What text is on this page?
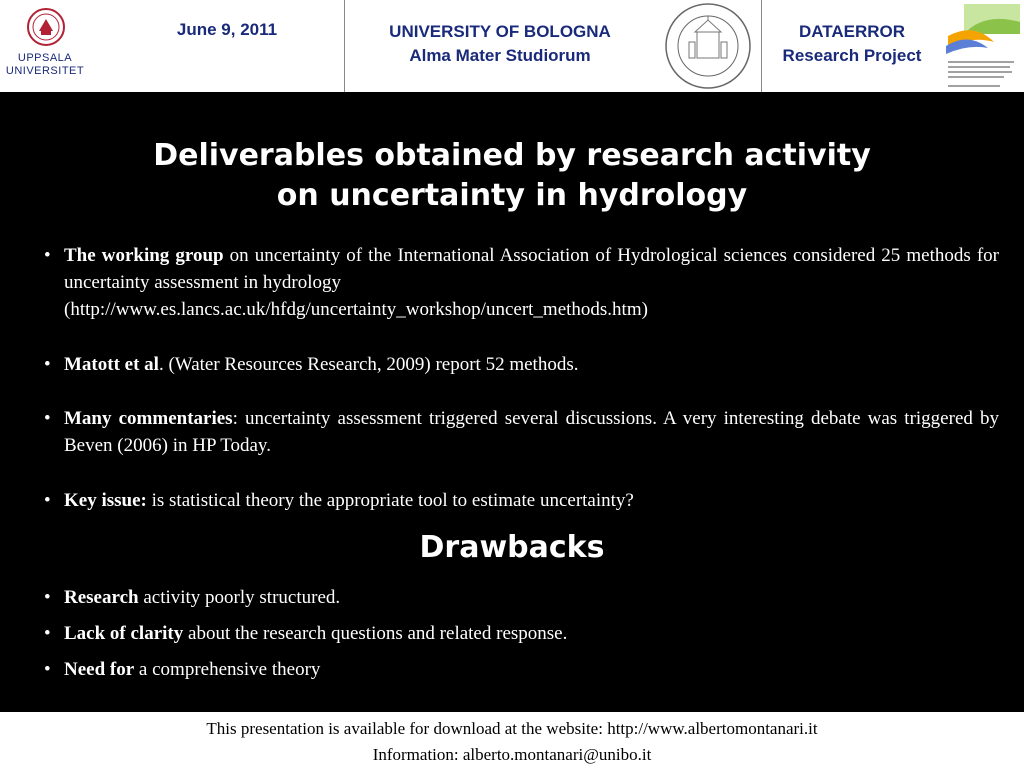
UPPSALA
UNIVERSITET
June 9, 2011	UNIVERSITY OF BOLOGNA
Alma Mater Studiorum
DATAERROR
Research Project
Deliverables obtained by research activity
on uncertainty in hydrology
• The working group on uncertainty of the International Association of Hydrological sciences considered 25 methods for uncertainty assessment in hydrology
(http://www.es.lancs.ac.uk/hfdg/uncertainty_workshop/uncert_methods.htm)
• Matott et al. (Water Resources Research, 2009) report 52 methods.
• Many commentaries: uncertainty assessment triggered several discussions. A very interesting debate was triggered by Beven (2006) in HP Today.
• Key issue: is statistical theory the appropriate tool to estimate uncertainty?
Drawbacks
• Research activity poorly structured.
• Lack of clarity about the research questions and related response.
• Need for a comprehensive theory
This presentation is available for download at the website: http://www.albertomontanari.it
Information: alberto.montanari@unibo.it
